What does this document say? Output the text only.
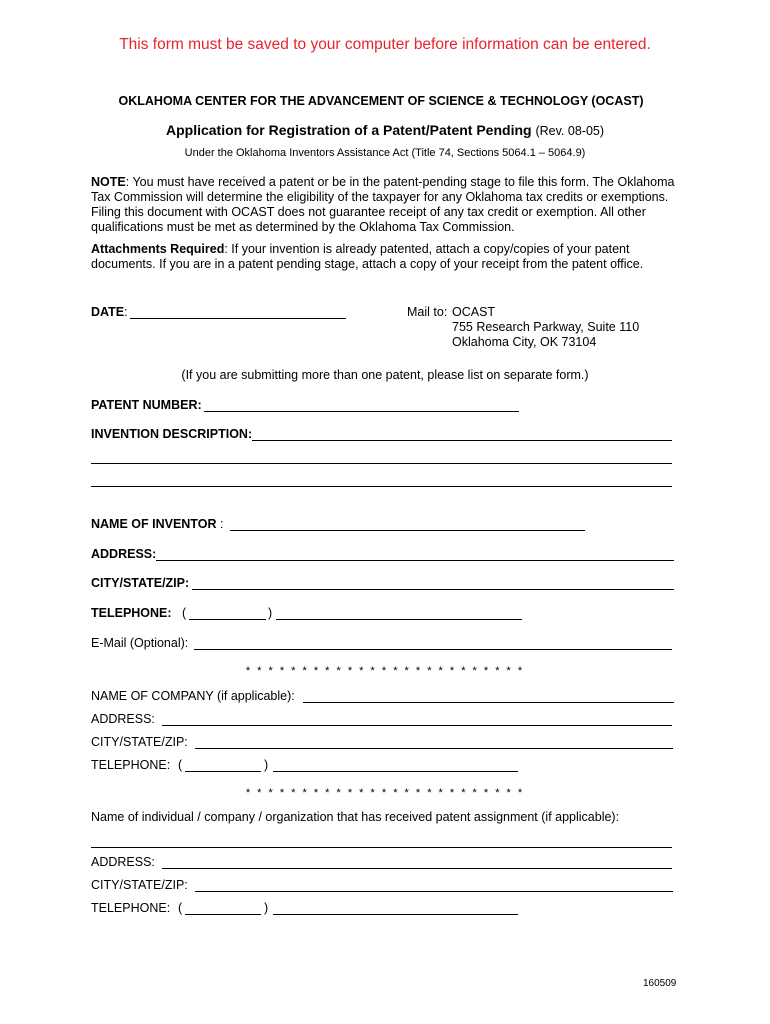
This form must be saved to your computer before information can be entered.
OKLAHOMA CENTER FOR THE ADVANCEMENT OF SCIENCE & TECHNOLOGY (OCAST)
Application for Registration of a Patent/Patent Pending (Rev. 08-05)
Under the Oklahoma Inventors Assistance Act (Title 74, Sections 5064.1 – 5064.9)
NOTE: You must have received a patent or be in the patent-pending stage to file this form. The Oklahoma Tax Commission will determine the eligibility of the taxpayer for any Oklahoma tax credits or exemptions. Filing this document with OCAST does not guarantee receipt of any tax credit or exemption. All other qualifications must be met as determined by the Oklahoma Tax Commission.
Attachments Required: If your invention is already patented, attach a copy/copies of your patent documents. If you are in a patent pending stage, attach a copy of your receipt from the patent office.
DATE:	Mail to: OCAST
755 Research Parkway, Suite 110
Oklahoma City, OK 73104
(If you are submitting more than one patent, please list on separate form.)
PATENT NUMBER:
INVENTION DESCRIPTION:
NAME OF INVENTOR :
ADDRESS:
CITY/STATE/ZIP:
TELEPHONE: (	)
E-Mail (Optional):
* * * * * * * * * * * * * * * * * * * * * * * * *
NAME OF COMPANY (if applicable):
ADDRESS:
CITY/STATE/ZIP:
TELEPHONE: (	)
* * * * * * * * * * * * * * * * * * * * * * * * *
Name of individual / company / organization that has received patent assignment (if applicable):
ADDRESS:
CITY/STATE/ZIP:
TELEPHONE: (	)
160509
